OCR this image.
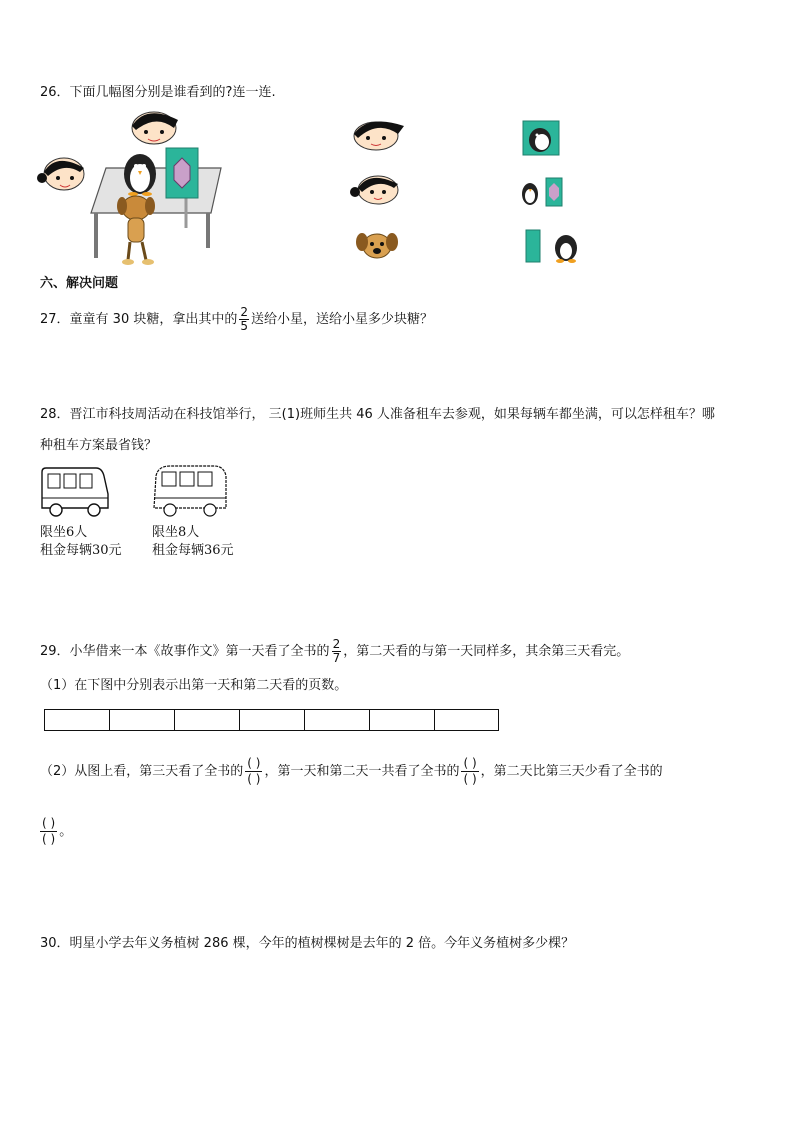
26．下面几幅图分别是谁看到的?连一连.
六、解决问题
27．童童有 30 块糖，拿出其中的 $\frac{2}{5}$ 送给小星，送给小星多少块糖？
28．晋江市科技周活动在科技馆举行， 三(1)班师生共 46 人准备租车去参观，如果每辆车都坐满，可以怎样租车？哪
种租车方案最省钱？
限坐6人
租金每辆30元
限坐8人
租金每辆36元
29．小华借来一本《故事作文》第一天看了全书的 $\frac{2}{7}$ ，第二天看的与第一天同样多，其余第三天看完。
（1）在下图中分别表示出第一天和第二天看的页数。
（2）从图上看，第三天看了全书的 $\frac{( )}{( )}$ ，第一天和第二天一共看了全书的 $\frac{( )}{( )}$ ，第二天比第三天少看了全书的
$\frac{( )}{( )}$ 。
30．明星小学去年义务植树 286 棵，今年的植树棵树是去年的 2 倍。今年义务植树多少棵？
